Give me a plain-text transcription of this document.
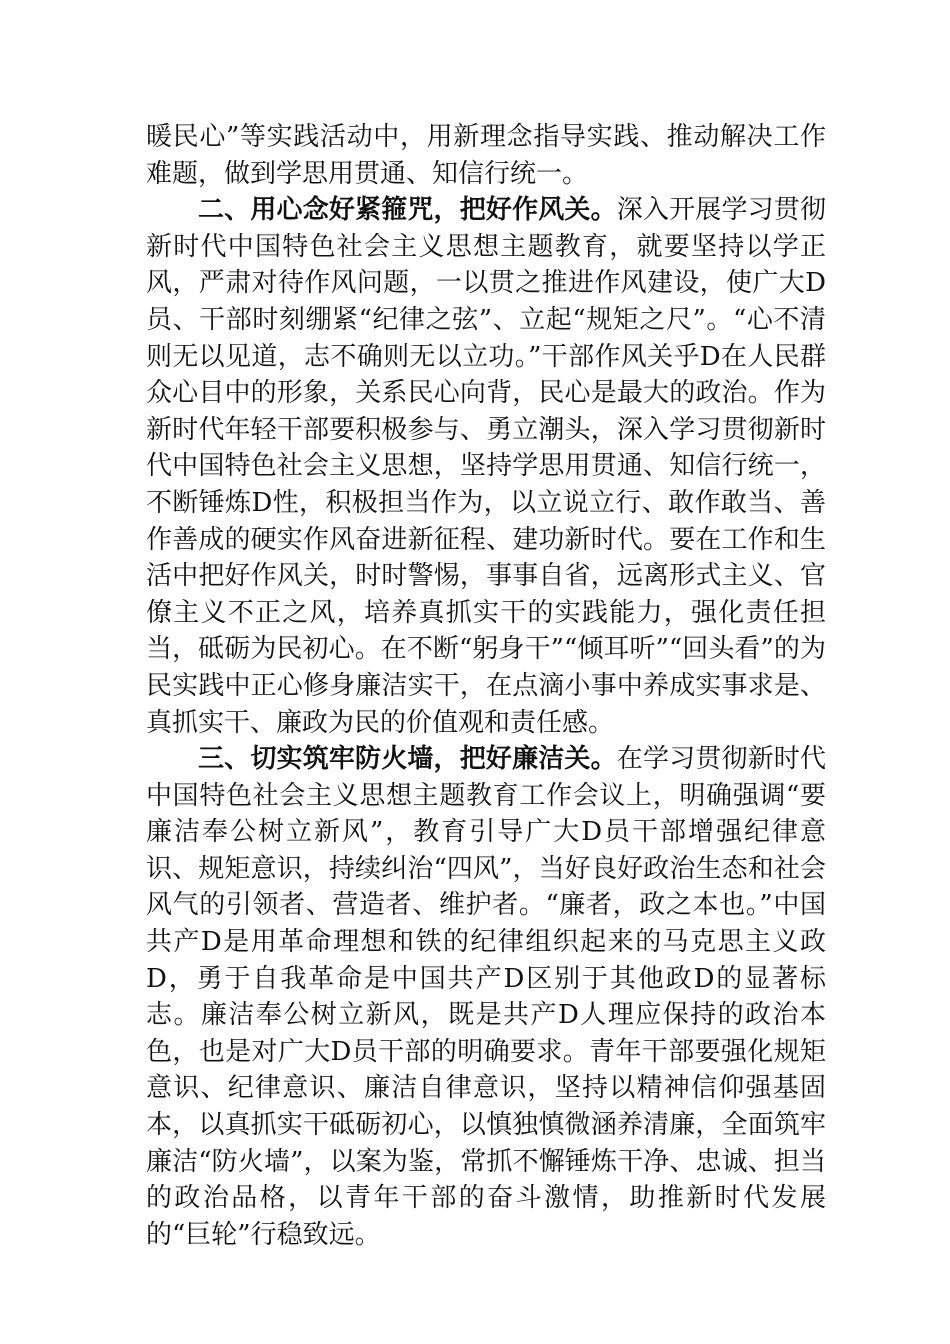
暖民心”等实践活动中，用新理念指导实践、推动解决工作难题，做到学思用贯通、知信行统一。

二、用心念好紧箍咒，把好作风关。深入开展学习贯彻新时代中国特色社会主义思想主题教育，就要坚持以学正风，严肃对待作风问题，一以贯之推进作风建设，使广大D员、干部时刻绷紧“纪律之弦”、立起“规矩之尺”。“心不清则无以见道，志不确则无以立功。”干部作风关乎D在人民群众心目中的形象，关系民心向背，民心是最大的政治。作为新时代年轻干部要积极参与、勇立潮头，深入学习贯彻新时代中国特色社会主义思想，坚持学思用贯通、知信行统一，不断锤炼D性，积极担当作为，以立说立行、敢作敢当、善作善成的硬实作风奋进新征程、建功新时代。要在工作和生活中把好作风关，时时警惕，事事自省，远离形式主义、官僚主义不正之风，培养真抓实干的实践能力，强化责任担当，砥砺为民初心。在不断“躬身干”“倾耳听”“回头看”的为民实践中正心修身廉洁实干，在点滴小事中养成实事求是、真抓实干、廉政为民的价值观和责任感。

三、切实筑牢防火墙，把好廉洁关。在学习贯彻新时代中国特色社会主义思想主题教育工作会议上，明确强调“要廉洁奉公树立新风”，教育引导广大D员干部增强纪律意识、规矩意识，持续纠治“四风”，当好良好政治生态和社会风气的引领者、营造者、维护者。“廉者，政之本也。”中国共产D是用革命理想和铁的纪律组织起来的马克思主义政D，勇于自我革命是中国共产D区别于其他政D的显著标志。廉洁奉公树立新风，既是共产D人理应保持的政治本色，也是对广大D员干部的明确要求。青年干部要强化规矩意识、纪律意识、廉洁自律意识，坚持以精神信仰强基固本，以真抓实干砥砺初心，以慎独慎微涵养清廉，全面筑牢廉洁“防火墙”，以案为鉴，常抓不懈锤炼干净、忠诚、担当的政治品格，以青年干部的奋斗激情，助推新时代发展的“巨轮”行稳致远。
